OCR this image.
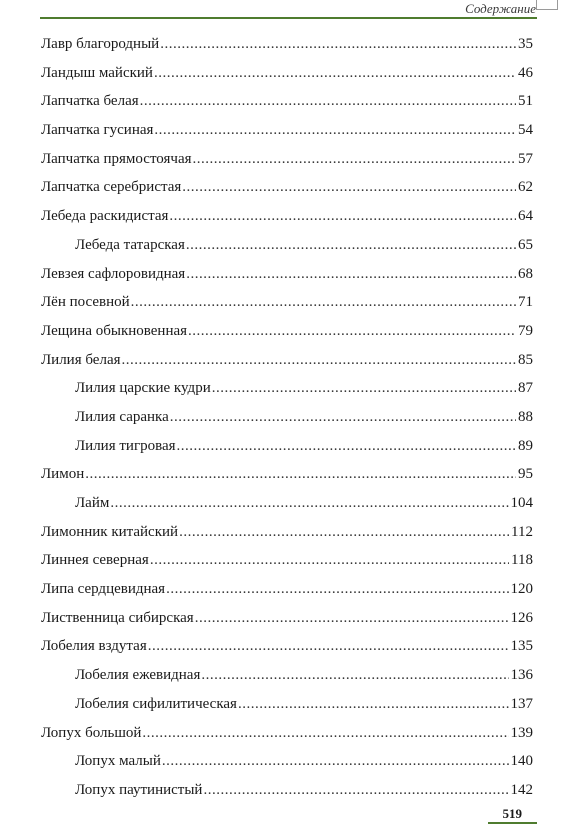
Содержание
Лавр благородный .....	35
Ландыш майский .....	46
Лапчатка белая .....	51
Лапчатка гусиная .....	54
Лапчатка прямостоячая .....	57
Лапчатка серебристая .....	62
Лебеда раскидистая .....	64
Лебеда татарская .....	65
Левзея сафлоровидная .....	68
Лён посевной .....	71
Лещина обыкновенная .....	79
Лилия белая .....	85
Лилия царские кудри .....	87
Лилия саранка .....	88
Лилия тигровая .....	89
Лимон .....	95
Лайм .....	104
Лимонник китайский .....	112
Линнея северная .....	118
Липа сердцевидная .....	120
Лиственница сибирская .....	126
Лобелия вздутая .....	135
Лобелия ежевидная .....	136
Лобелия сифилитическая .....	137
Лопух большой .....	139
Лопух малый .....	140
Лопух паутинистый .....	142
519
